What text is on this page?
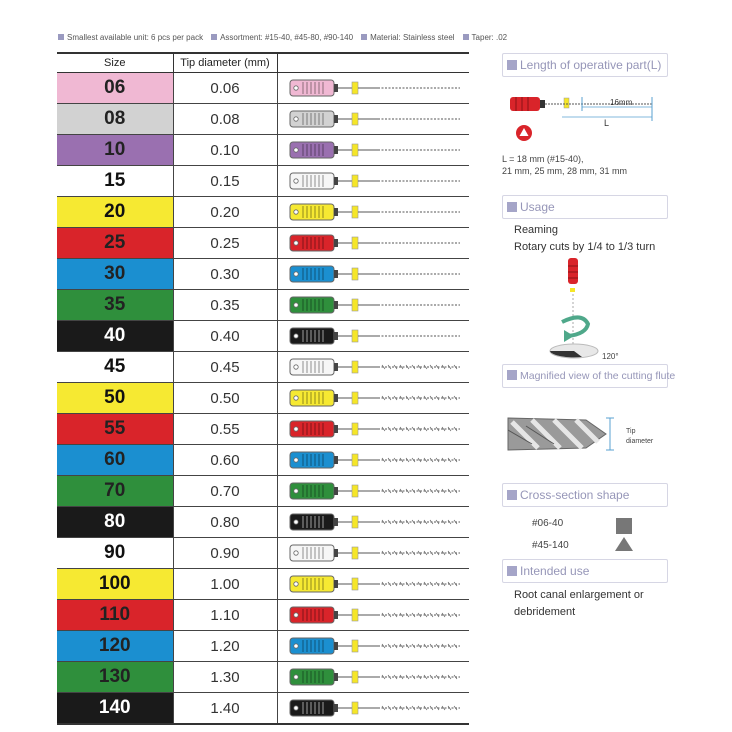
Smallest available unit: 6 pcs per pack Assortment: #15-40, #45-80, #90-140 Material: Stainless steel Taper: .02
Size	Tip diameter (mm)	
06	0.06	

08	0.08	

10	0.10	

15	0.15	

20	0.20	

25	0.25	

30	0.30	

35	0.35	

40	0.40	

45	0.45	

50	0.50	

55	0.55	

60	0.60	

70	0.70	

80	0.80	

90	0.90	

100	1.00	

110	1.10	

120	1.20	

130	1.30	

140	1.40	
Length of operative part(L)
16mm
L
L = 18 mm (#15-40),
21 mm, 25 mm, 28 mm, 31 mm
Usage
Reaming
Rotary cuts by 1/4 to 1/3 turn
120°
Magnified view of the cutting flute
Tip
diameter
Cross-section shape
#06-40
#45-140
Intended use
Root canal enlargement or
debridement
